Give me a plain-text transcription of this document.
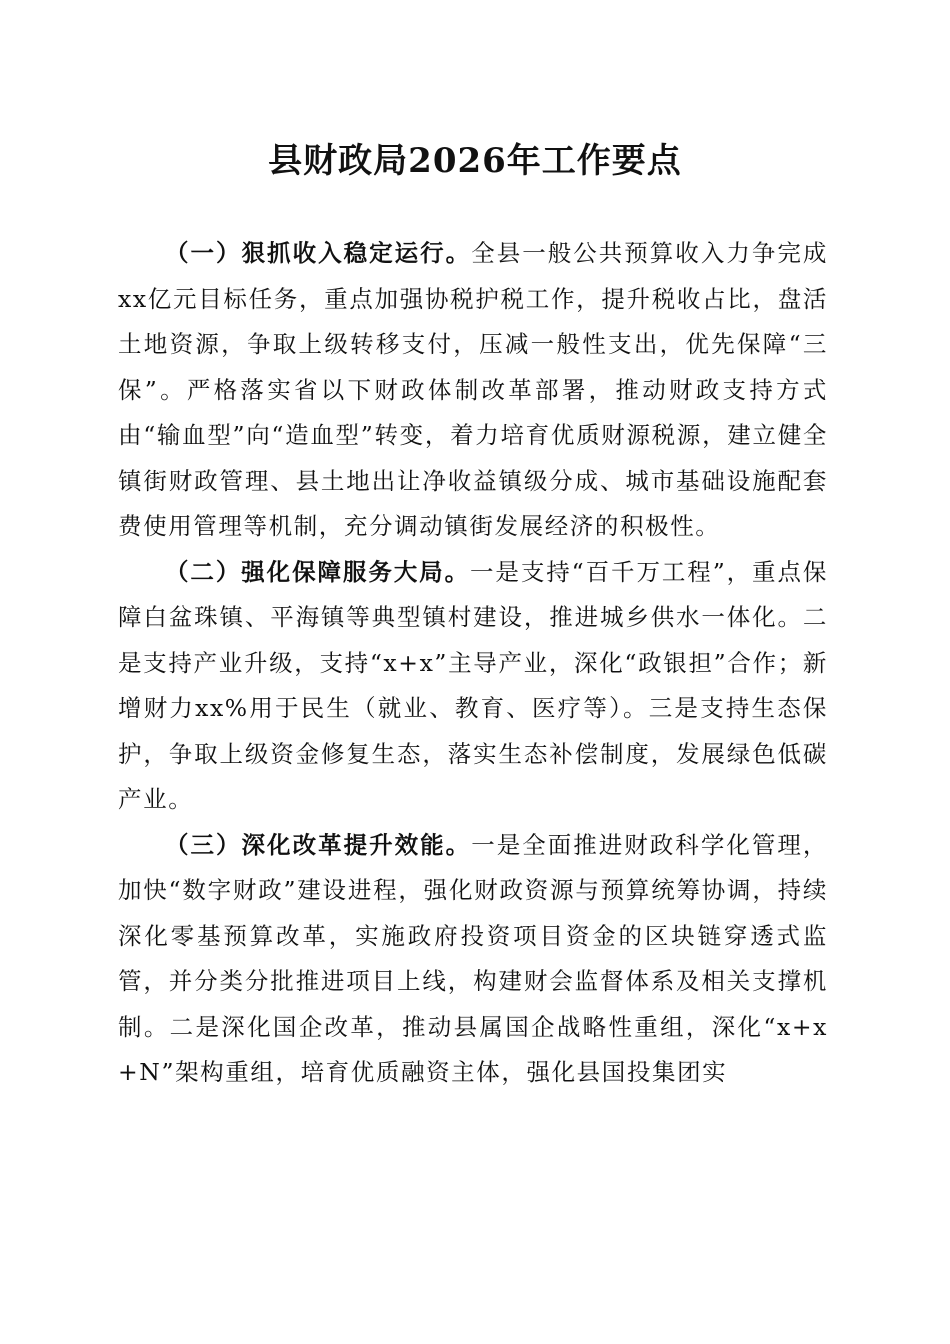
县财政局2026年工作要点

（一）狠抓收入稳定运行。全县一般公共预算收入力争完成xx亿元目标任务，重点加强协税护税工作，提升税收占比，盘活土地资源，争取上级转移支付，压减一般性支出，优先保障“三保”。严格落实省以下财政体制改革部署，推动财政支持方式由“输血型”向“造血型”转变，着力培育优质财源税源，建立健全镇街财政管理、县土地出让净收益镇级分成、城市基础设施配套费使用管理等机制，充分调动镇街发展经济的积极性。

（二）强化保障服务大局。一是支持“百千万工程”，重点保障白盆珠镇、平海镇等典型镇村建设，推进城乡供水一体化。二是支持产业升级，支持“x+x”主导产业，深化“政银担”合作；新增财力xx%用于民生（就业、教育、医疗等）。三是支持生态保护，争取上级资金修复生态，落实生态补偿制度，发展绿色低碳产业。

（三）深化改革提升效能。一是全面推进财政科学化管理，加快“数字财政”建设进程，强化财政资源与预算统筹协调，持续深化零基预算改革，实施政府投资项目资金的区块链穿透式监管，并分类分批推进项目上线，构建财会监督体系及相关支撑机制。二是深化国企改革，推动县属国企战略性重组，深化“x+x+N”架构重组，培育优质融资主体，强化县国投集团实
